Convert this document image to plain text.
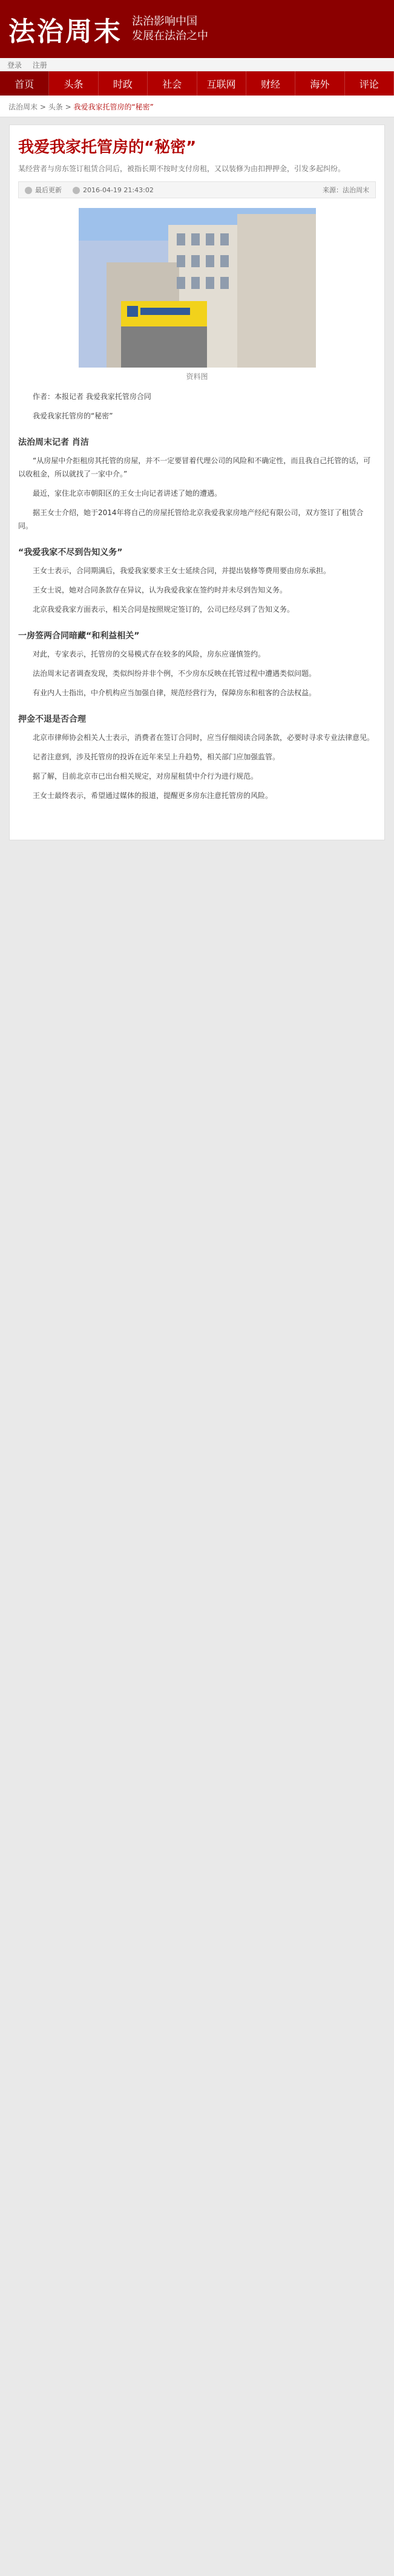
法治周末 法治影响中国
发展在法治之中
登录 注册
首页	头条	时政	社会	互联网	财经	海外	评论
法治周末 > 头条 > 我爱我家托管房的“秘密”
我爱我家托管房的“秘密”
某经营者与房东签订租赁合同后，被指长期不按时支付房租，又以装修为由扣押押金，引发多起纠纷。
最后更新	2016-04-19 21:43:02	来源：法治周末
资料图

作者：本报记者 我爱我家托管房合同

我爱我家托管房的“秘密”

法治周末记者 肖洁

“从房屋中介拒租房其托管的房屋，并不一定要冒着代理公司的风险和不确定性，而且我自己托管的话，可以收租金，所以就找了一家中介。”

最近，家住北京市朝阳区的王女士向记者讲述了她的遭遇。

据王女士介绍，她于2014年将自己的房屋托管给北京我爱我家房地产经纪有限公司，双方签订了租赁合同。

“我爱我家不尽到告知义务”

王女士表示，合同期满后，我爱我家要求王女士延续合同，并提出装修等费用要由房东承担。

王女士说，她对合同条款存在异议，认为我爱我家在签约时并未尽到告知义务。

北京我爱我家方面表示，相关合同是按照规定签订的，公司已经尽到了告知义务。

一房签两合同暗藏“和利益相关”

对此，专家表示，托管房的交易模式存在较多的风险，房东应谨慎签约。

法治周末记者调查发现，类似纠纷并非个例，不少房东反映在托管过程中遭遇类似问题。

有业内人士指出，中介机构应当加强自律，规范经营行为，保障房东和租客的合法权益。

押金不退是否合理

北京市律师协会相关人士表示，消费者在签订合同时，应当仔细阅读合同条款，必要时寻求专业法律意见。

记者注意到，涉及托管房的投诉在近年来呈上升趋势，相关部门应加强监管。

据了解，目前北京市已出台相关规定，对房屋租赁中介行为进行规范。

王女士最终表示，希望通过媒体的报道，提醒更多房东注意托管房的风险。
